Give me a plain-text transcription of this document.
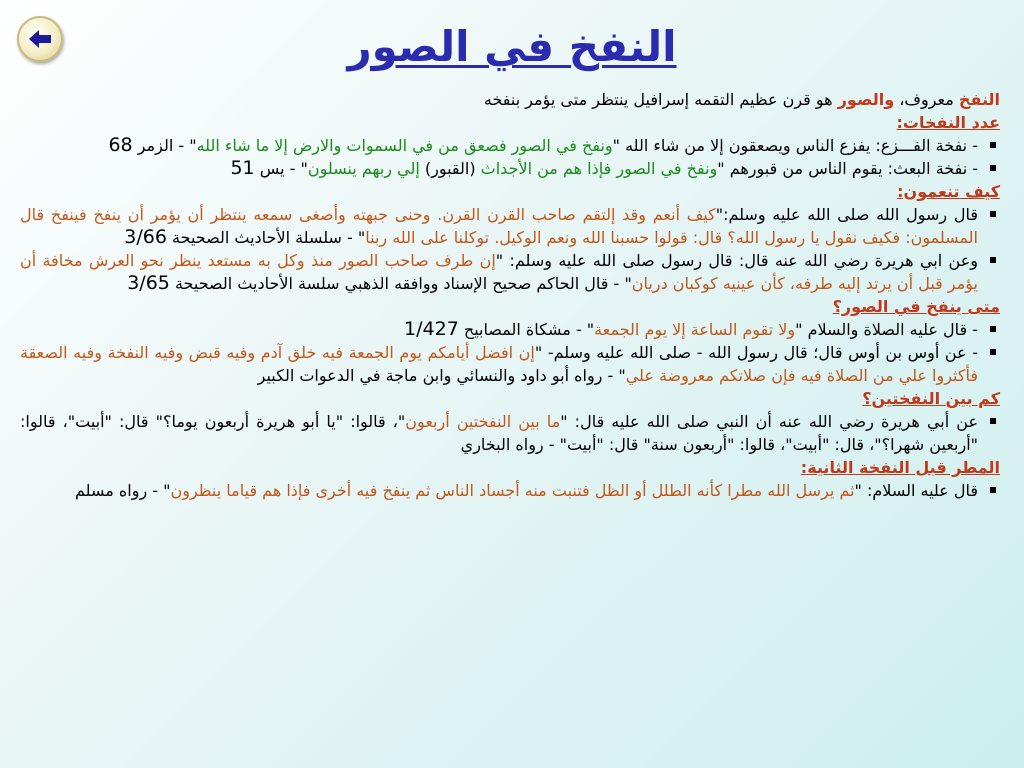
النفخ في الصور

النفخ معروف، والصور هو قرن عظيم التقمه إسرافيل ينتظر متى يؤمر بنفخه

عدد النفخات:

- نفخة الفـــزع: يفزع الناس ويصعقون إلا من شاء الله "ونفخ في الصور فصعق من في السموات والارض إلا ما شاء الله" - الزمر 68
- نفخة البعث: يقوم الناس من قبورهم "ونفخ في الصور فإذا هم من الأجداث (القبور) إلي ربهم ينسلون" - يس 51

كيف تنعمون:

قال رسول الله صلى الله عليه وسلم:"كيف أنعم وقد إلتقم صاحب القرن القرن. وحنى جبهته وأصغى سمعه ينتظر أن يؤمر أن ينفخ فينفخ قال المسلمون: فكيف نقول يا رسول الله؟ قال: قولوا حسبنا الله ونعم الوكيل. توكلنا على الله ربنا" - سلسلة الأحاديث الصحيحة 3/66
وعن ابي هريرة رضي الله عنه قال: قال رسول صلى الله عليه وسلم: "إن طرف صاحب الصور منذ وكل به مستعد ينظر نحو العرش مخافة أن يؤمر قبل أن يرتد إليه طرفه، كأن عينيه كوكبان دريان" - قال الحاكم صحيح الإسناد ووافقه الذهبي سلسة الأحاديث الصحيحة 3/65

متى ينفخ في الصور؟

- قال عليه الصلاة والسلام "ولا تقوم الساعة إلا يوم الجمعة" - مشكاة المصابيح 1/427
- عن أوس بن أوس قال؛ قال رسول الله - صلى الله عليه وسلم- "إن افضل أيامكم يوم الجمعة فيه خلق آدم وفيه قبض وفيه النفخة وفيه الصعقة فأكثروا علي من الصلاة فيه فإن صلاتكم معروضة علي" - رواه أبو داود والنسائي وابن ماجة في الدعوات الكبير

كم بين النفختين؟

عن أبي هريرة رضي الله عنه أن النبي صلى الله عليه قال: "ما بين النفختين أربعون"، قالوا: "يا أبو هريرة أربعون يوما؟" قال: "أبيت"، قالوا: "أربعين شهرا؟"، قال: "أبيت"، قالوا: "أربعون سنة" قال: "أبيت" - رواه البخاري

المطر قبل النفخة الثانية:

قال عليه السلام: "ثم يرسل الله مطرا كأنه الطلل أو الظل فتنبت منه أجساد الناس ثم ينفخ فيه أخرى فإذا هم قياما ينظرون" - رواه مسلم
